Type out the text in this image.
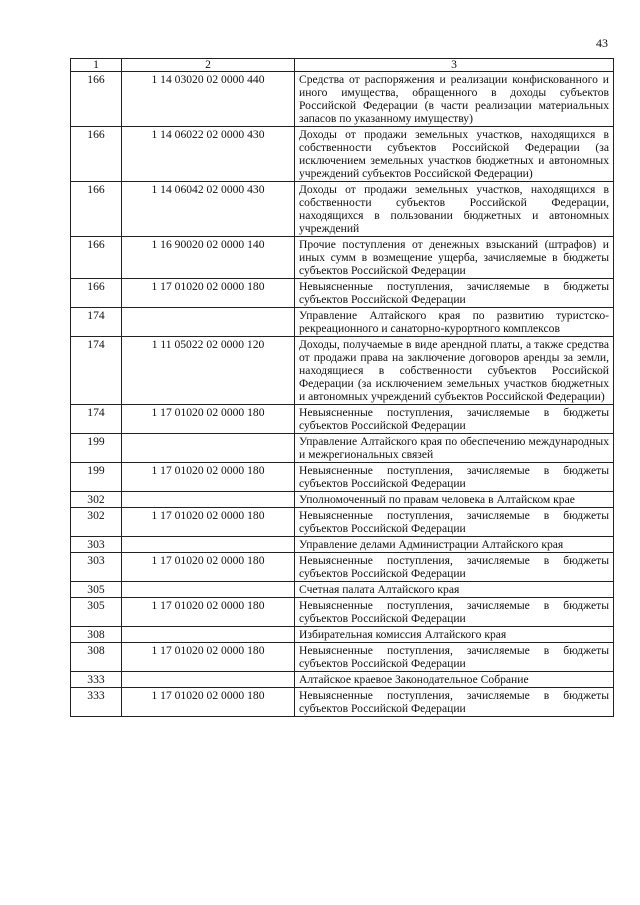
43
1	2	3
166	1 14 03020 02 0000 440	Средства от распоряжения и реализации конфискованного и иного имущества, обращенного в доходы субъектов Российской Федерации (в части реализации материальных запасов по указанному имуществу)
166	1 14 06022 02 0000 430	Доходы от продажи земельных участков, находящихся в собственности субъектов Российской Федерации (за исключением земельных участков бюджетных и автономных учреждений субъектов Российской Федерации)
166	1 14 06042 02 0000 430	Доходы от продажи земельных участков, находящихся в собственности субъектов Российской Федерации, находящихся в пользовании бюджетных и автономных учреждений
166	1 16 90020 02 0000 140	Прочие поступления от денежных взысканий (штрафов) и иных сумм в возмещение ущерба, зачисляемые в бюджеты субъектов Российской Федерации
166	1 17 01020 02 0000 180	Невыясненные поступления, зачисляемые в бюджеты субъектов Российской Федерации
174		Управление Алтайского края по развитию туристско-рекреационного и санаторно-курортного комплексов
174	1 11 05022 02 0000 120	Доходы, получаемые в виде арендной платы, а также средства от продажи права на заключение договоров аренды за земли, находящиеся в собственности субъектов Российской Федерации (за исключением земельных участков бюджетных и автономных учреждений субъектов Российской Федерации)
174	1 17 01020 02 0000 180	Невыясненные поступления, зачисляемые в бюджеты субъектов Российской Федерации
199		Управление Алтайского края по обеспечению международных и межрегиональных связей
199	1 17 01020 02 0000 180	Невыясненные поступления, зачисляемые в бюджеты субъектов Российской Федерации
302		Уполномоченный по правам человека в Алтайском крае
302	1 17 01020 02 0000 180	Невыясненные поступления, зачисляемые в бюджеты субъектов Российской Федерации
303		Управление делами Администрации Алтайского края
303	1 17 01020 02 0000 180	Невыясненные поступления, зачисляемые в бюджеты субъектов Российской Федерации
305		Счетная палата Алтайского края
305	1 17 01020 02 0000 180	Невыясненные поступления, зачисляемые в бюджеты субъектов Российской Федерации
308		Избирательная комиссия Алтайского края
308	1 17 01020 02 0000 180	Невыясненные поступления, зачисляемые в бюджеты субъектов Российской Федерации
333		Алтайское краевое Законодательное Собрание
333	1 17 01020 02 0000 180	Невыясненные поступления, зачисляемые в бюджеты субъектов Российской Федерации
